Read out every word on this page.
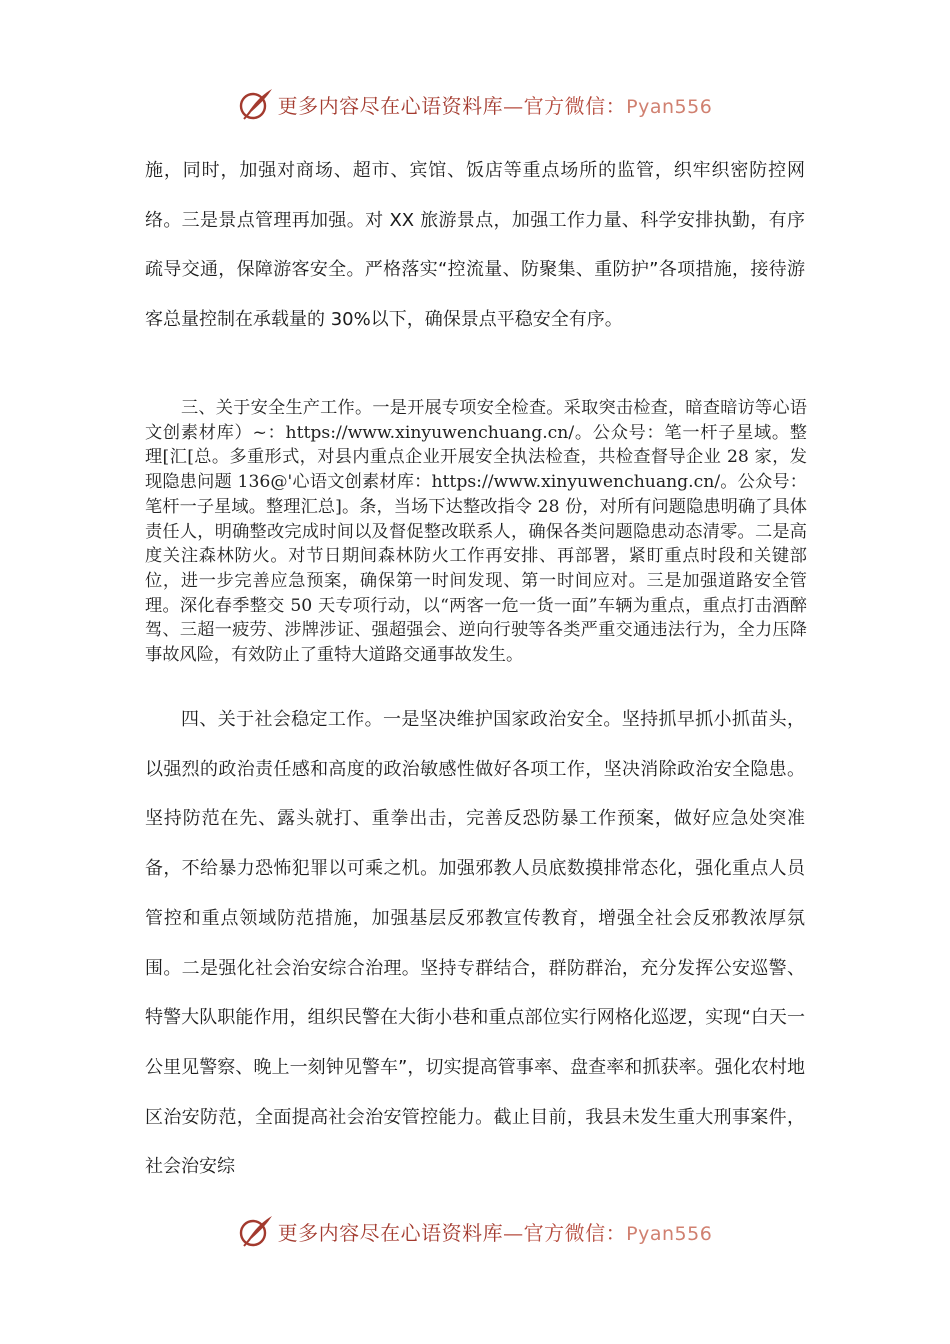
更多内容尽在心语资料库—官方微信：Pyan556

施，同时，加强对商场、超市、宾馆、饭店等重点场所的监管，织牢织密防控网络。三是景点管理再加强。对 XX 旅游景点，加强工作力量、科学安排执勤，有序疏导交通，保障游客安全。严格落实“控流量、防聚集、重防护”各项措施，接待游客总量控制在承载量的 30%以下，确保景点平稳安全有序。

三、关于安全生产工作。一是开展专项安全检查。采取突击检查，暗查暗访等心语文创素材库）~：https://www.xinyuwenchuang.cn/。公众号：笔一杆子星域。整理[汇[总。多重形式，对县内重点企业开展安全执法检查，共检查督导企业 28 家，发现隐患问题 136@'心语文创素材库：https://www.xinyuwenchuang.cn/。公众号：笔杆一子星域。整理汇总]。条，当场下达整改指令 28 份，对所有问题隐患明确了具体责任人，明确整改完成时间以及督促整改联系人，确保各类问题隐患动态清零。二是高度关注森林防火。对节日期间森林防火工作再安排、再部署，紧盯重点时段和关键部位，进一步完善应急预案，确保第一时间发现、第一时间应对。三是加强道路安全管理。深化春季整交 50 天专项行动，以“两客一危一货一面”车辆为重点，重点打击酒醉驾、三超一疲劳、涉牌涉证、强超强会、逆向行驶等各类严重交通违法行为，全力压降事故风险，有效防止了重特大道路交通事故发生。

四、关于社会稳定工作。一是坚决维护国家政治安全。坚持抓早抓小抓苗头，以强烈的政治责任感和高度的政治敏感性做好各项工作，坚决消除政治安全隐患。坚持防范在先、露头就打、重拳出击，完善反恐防暴工作预案，做好应急处突准备，不给暴力恐怖犯罪以可乘之机。加强邪教人员底数摸排常态化，强化重点人员管控和重点领域防范措施，加强基层反邪教宣传教育，增强全社会反邪教浓厚氛围。二是强化社会治安综合治理。坚持专群结合，群防群治，充分发挥公安巡警、特警大队职能作用，组织民警在大街小巷和重点部位实行网格化巡逻，实现“白天一公里见警察、晚上一刻钟见警车”，切实提高管事率、盘查率和抓获率。强化农村地区治安防范，全面提高社会治安管控能力。截止目前，我县未发生重大刑事案件，社会治安综

更多内容尽在心语资料库—官方微信：Pyan556
